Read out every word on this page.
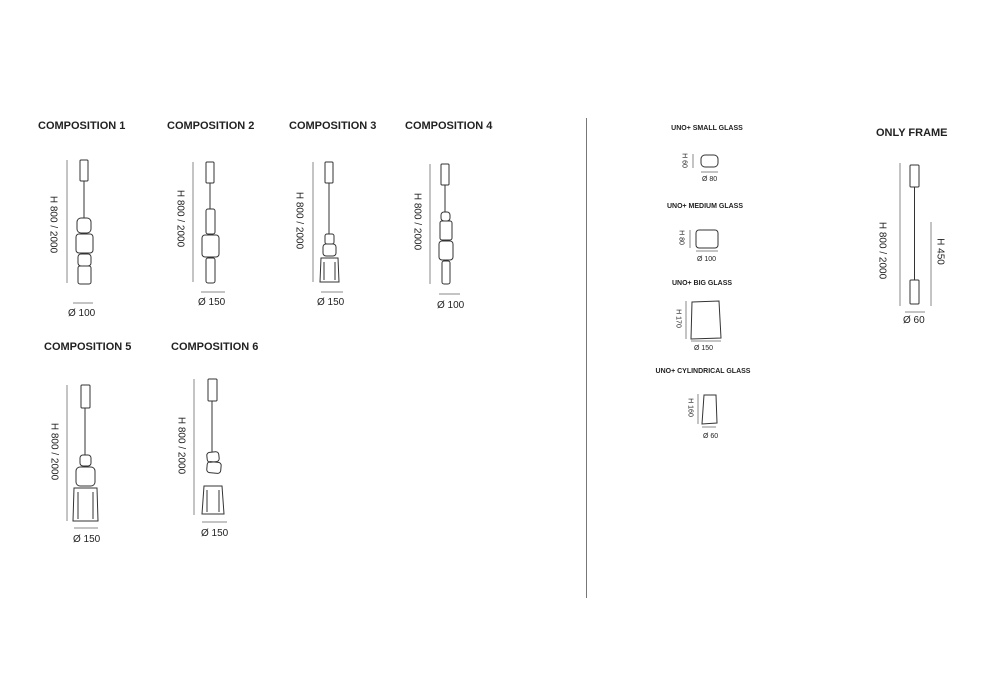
COMPOSITION 1	COMPOSITION 2	COMPOSITION 3	COMPOSITION 4
COMPOSITION 5	COMPOSITION 6
H 800 / 2000	H 800 / 2000	H 800 / 2000	H 800 / 2000
H 800 / 2000	H 800 / 2000
Ø 100
Ø 150	Ø 150	Ø 100
Ø 150
Ø 150
UNO+ SMALL GLASS
UNO+ MEDIUM GLASS
UNO+ BIG GLASS
UNO+ CYLINDRICAL GLASS
H 60
H 80
H 170
H 160
Ø 80
Ø 100
Ø 150
Ø 60
ONLY FRAME
H 800 / 2000	H 450
Ø 60
